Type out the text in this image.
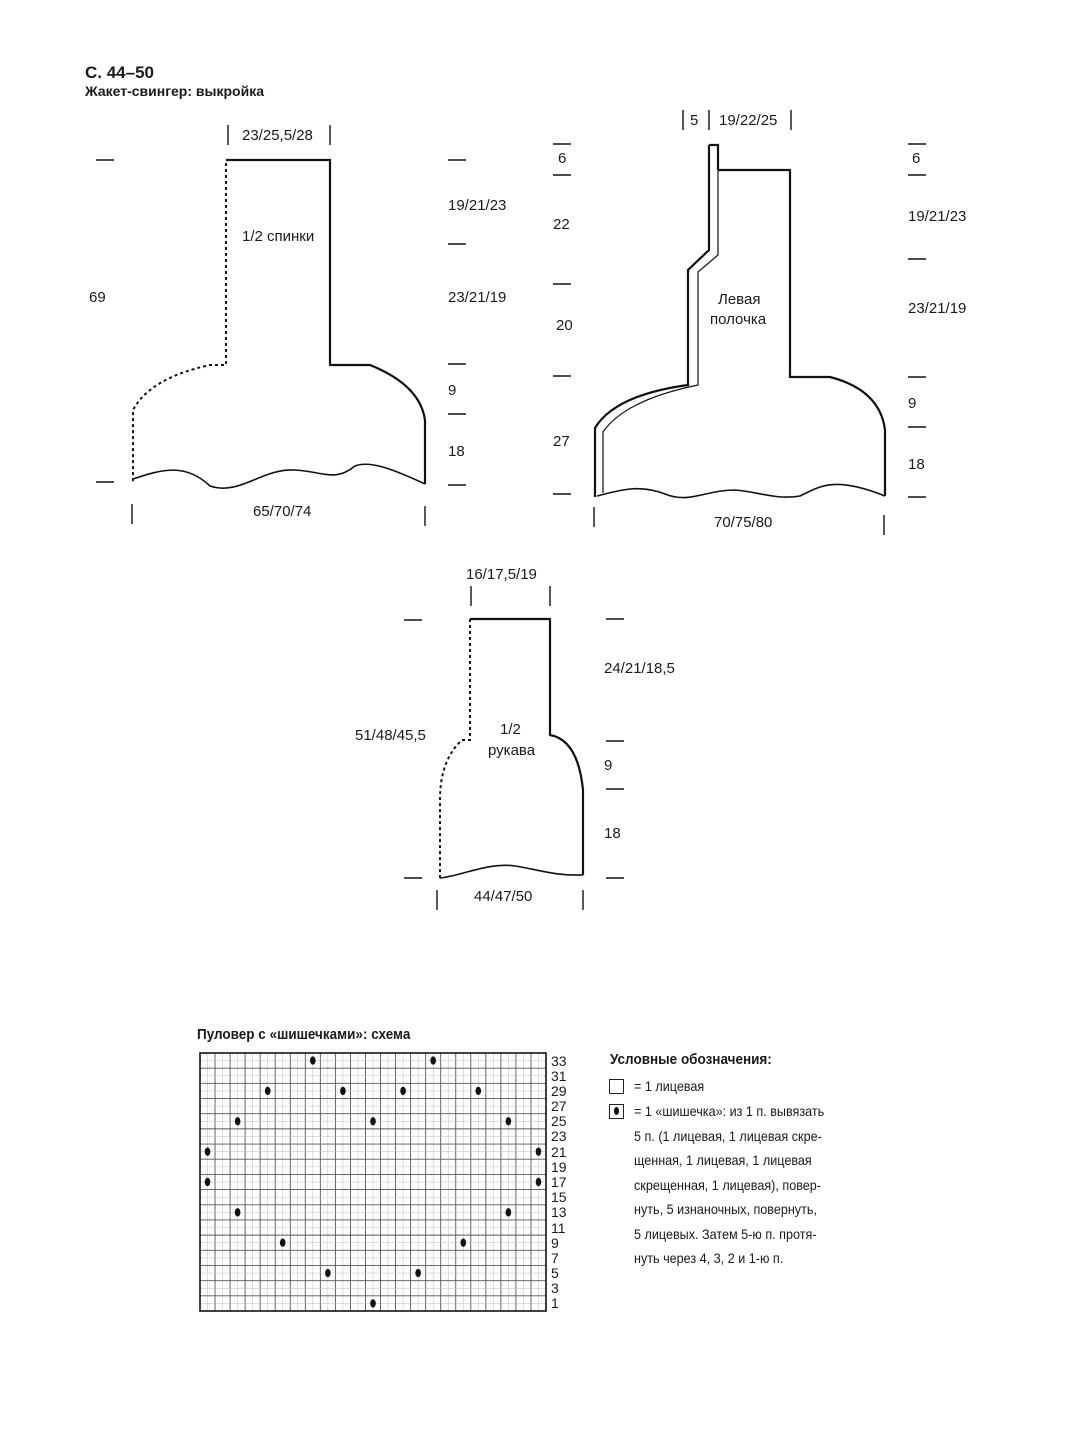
С. 44–50
Жакет-свингер: выкройка
23/25,5/28
1/2 спинки
69
19/21/23
23/21/19
9
18
65/70/74
5 19/22/25
6
22
20
27
Левая
полочка
6
19/21/23
23/21/19
9
18
70/75/80
16/17,5/19
24/21/18,5
51/48/45,5	1/2
рукава
9
18
44/47/50
Пуловер с «шишечками»: схема
33
31
29
27
25
23
21
19
17
15
13
11
9
7
5
3
1
Условные обозначения:
= 1 лицевая
= 1 «шишечка»: из 1 п. вывязать
5 п. (1 лицевая, 1 лицевая скре-
щенная, 1 лицевая, 1 лицевая
скрещенная, 1 лицевая), повер-
нуть, 5 изнаночных, повернуть,
5 лицевых. Затем 5-ю п. протя-
нуть через 4, 3, 2 и 1-ю п.
